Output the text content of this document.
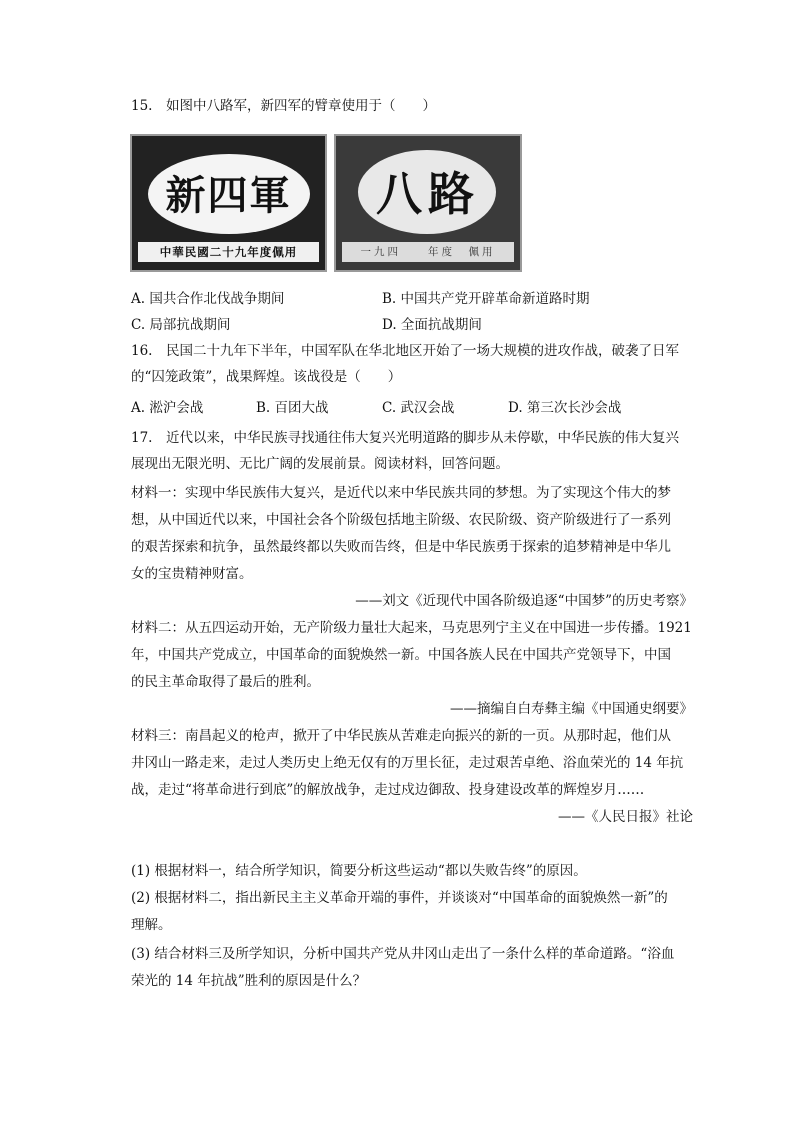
15.　如图中八路军，新四军的臂章使用于（　　）
新四軍
中華民國二十九年度佩用
八路
一九四　　年度　佩用
A. 国共合作北伐战争期间	B. 中国共产党开辟革命新道路时期
C. 局部抗战期间	D. 全面抗战期间
16.　民国二十九年下半年，中国军队在华北地区开始了一场大规模的进攻作战，破袭了日军
的“囚笼政策”，战果辉煌。该战役是（　　）
A. 淞沪会战	B. 百团大战	C. 武汉会战	D. 第三次长沙会战
17.　近代以来，中华民族寻找通往伟大复兴光明道路的脚步从未停歇，中华民族的伟大复兴
展现出无限光明、无比广阔的发展前景。阅读材料，回答问题。
材料一：实现中华民族伟大复兴，是近代以来中华民族共同的梦想。为了实现这个伟大的梦
想，从中国近代以来，中国社会各个阶级包括地主阶级、农民阶级、资产阶级进行了一系列
的艰苦探索和抗争，虽然最终都以失败而告终，但是中华民族勇于探索的追梦精神是中华儿
女的宝贵精神财富。
——刘文《近现代中国各阶级追逐“中国梦”的历史考察》
材料二：从五四运动开始，无产阶级力量壮大起来，马克思列宁主义在中国进一步传播。1921
年，中国共产党成立，中国革命的面貌焕然一新。中国各族人民在中国共产党领导下，中国
的民主革命取得了最后的胜利。
——摘编自白寿彝主编《中国通史纲要》
材料三：南昌起义的枪声，掀开了中华民族从苦难走向振兴的新的一页。从那时起，他们从
井冈山一路走来，走过人类历史上绝无仅有的万里长征，走过艰苦卓绝、浴血荣光的 14 年抗
战，走过“将革命进行到底”的解放战争，走过戍边御敌、投身建设改革的辉煌岁月……
——《人民日报》社论
(1) 根据材料一，结合所学知识，简要分析这些运动“都以失败告终”的原因。
(2) 根据材料二，指出新民主主义革命开端的事件，并谈谈对“中国革命的面貌焕然一新”的
理解。
(3) 结合材料三及所学知识，分析中国共产党从井冈山走出了一条什么样的革命道路。“浴血
荣光的 14 年抗战”胜利的原因是什么？
